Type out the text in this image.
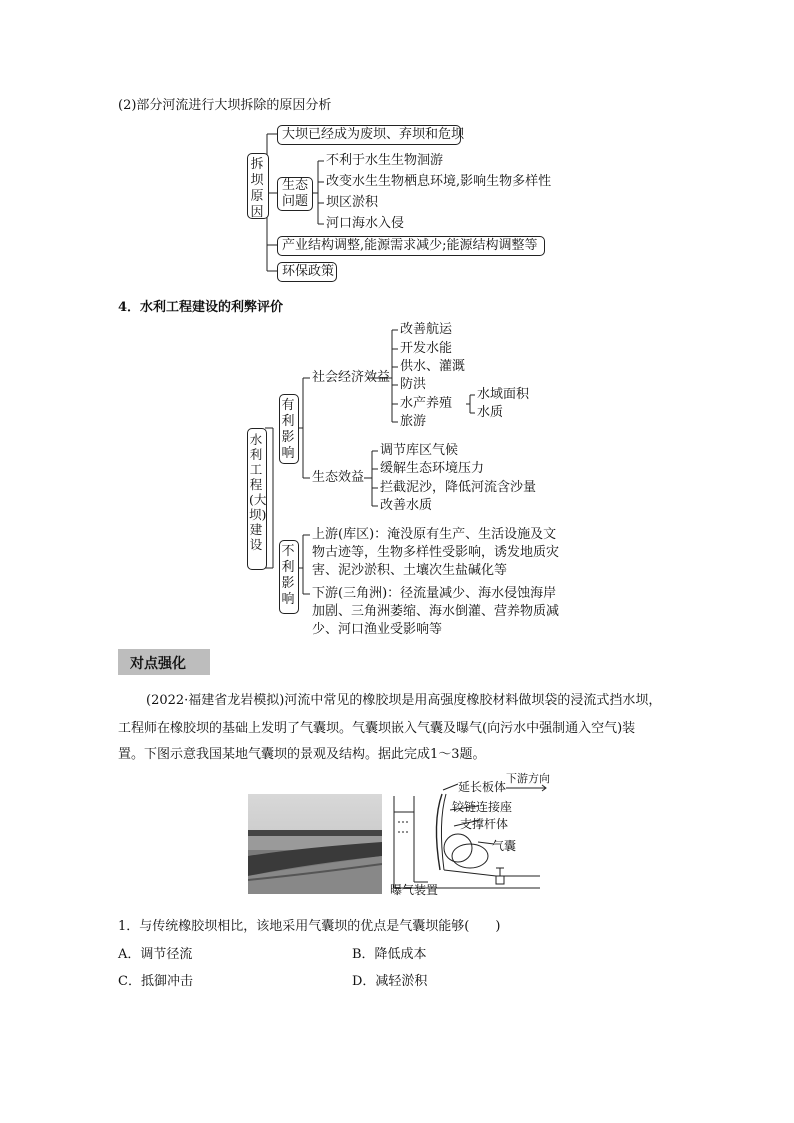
(2)部分河流进行大坝拆除的原因分析
拆坝原因
大坝已经成为废坝、弃坝和危坝
生态问题
不利于水生生物洄游
改变水生生物栖息环境,影响生物多样性
坝区淤积
河口海水入侵
产业结构调整,能源需求减少;能源结构调整等
环保政策
4．水利工程建设的利弊评价
水利工程(大坝)建设
有利影响
社会经济效益
改善航运
开发水能
供水、灌溉
防洪
水产养殖
旅游
水域面积
水质
生态效益
调节库区气候
缓解生态环境压力
拦截泥沙，降低河流含沙量
改善水质
不利影响
上游(库区)：淹没原有生产、生活设施及文
物古迹等，生物多样性受影响，诱发地质灾
害、泥沙淤积、土壤次生盐碱化等
下游(三角洲)：径流量减少、海水侵蚀海岸
加剧、三角洲萎缩、海水倒灌、营养物质减
少、河口渔业受影响等
对点强化
(2022·福建省龙岩模拟)河流中常见的橡胶坝是用高强度橡胶材料做坝袋的浸流式挡水坝，
工程师在橡胶坝的基础上发明了气囊坝。气囊坝嵌入气囊及曝气(向污水中强制通入空气)装
置。下图示意我国某地气囊坝的景观及结构。据此完成1～3题。
延长板体
下游方向
铰链连接座
支撑杆体
气囊
曝气装置
1．与传统橡胶坝相比，该地采用气囊坝的优点是气囊坝能够(　　)
A．调节径流	B．降低成本
C．抵御冲击	D．减轻淤积
